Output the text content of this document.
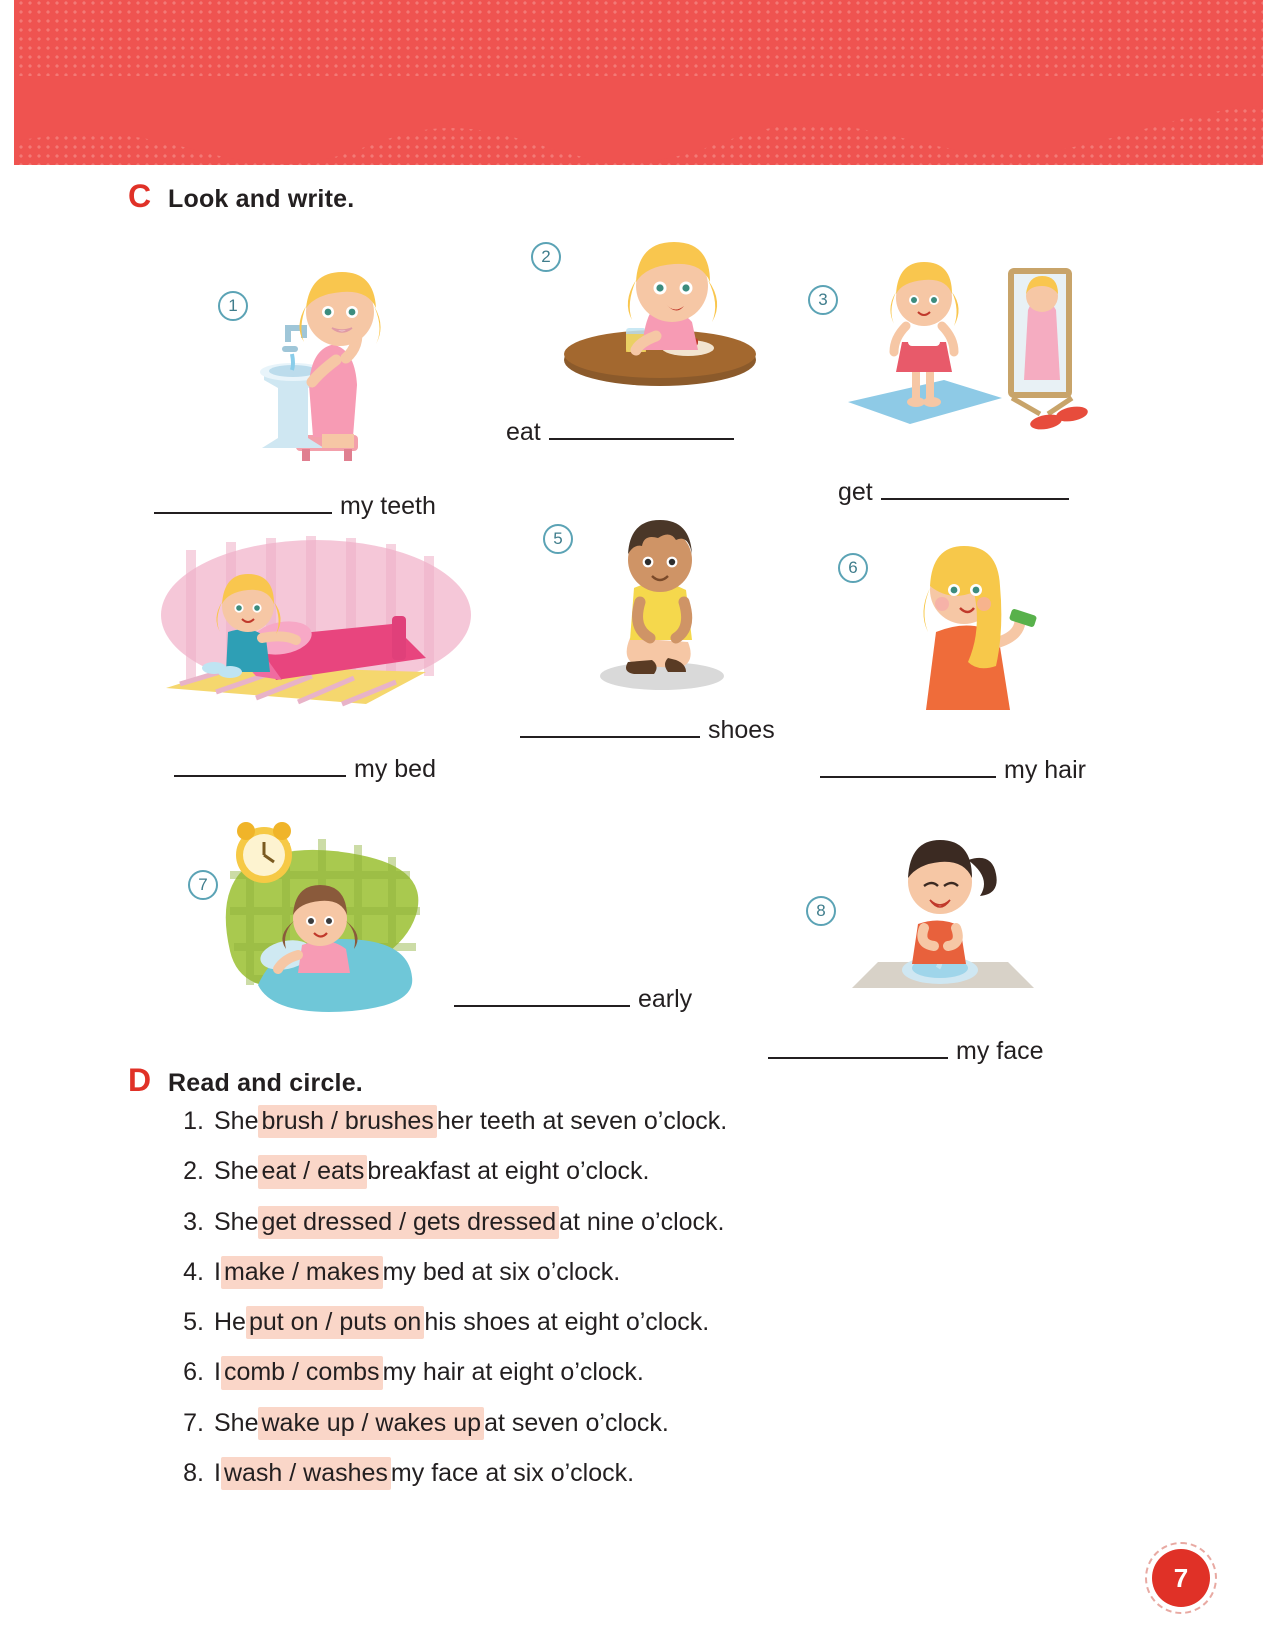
C Look and write.
1
my teeth
2
eat
3
get
my bed
5
shoes
6
my hair
7
early
8
my face
D Read and circle.
1. She brush / brushes her teeth at seven o’clock.
2. She eat / eats breakfast at eight o’clock.
3. She get dressed / gets dressed at nine o’clock.
4. I make / makes my bed at six o’clock.
5. He put on / puts on his shoes at eight o’clock.
6. I comb / combs my hair at eight o’clock.
7. She wake up / wakes up at seven o’clock.
8. I wash / washes my face at six o’clock.
7
